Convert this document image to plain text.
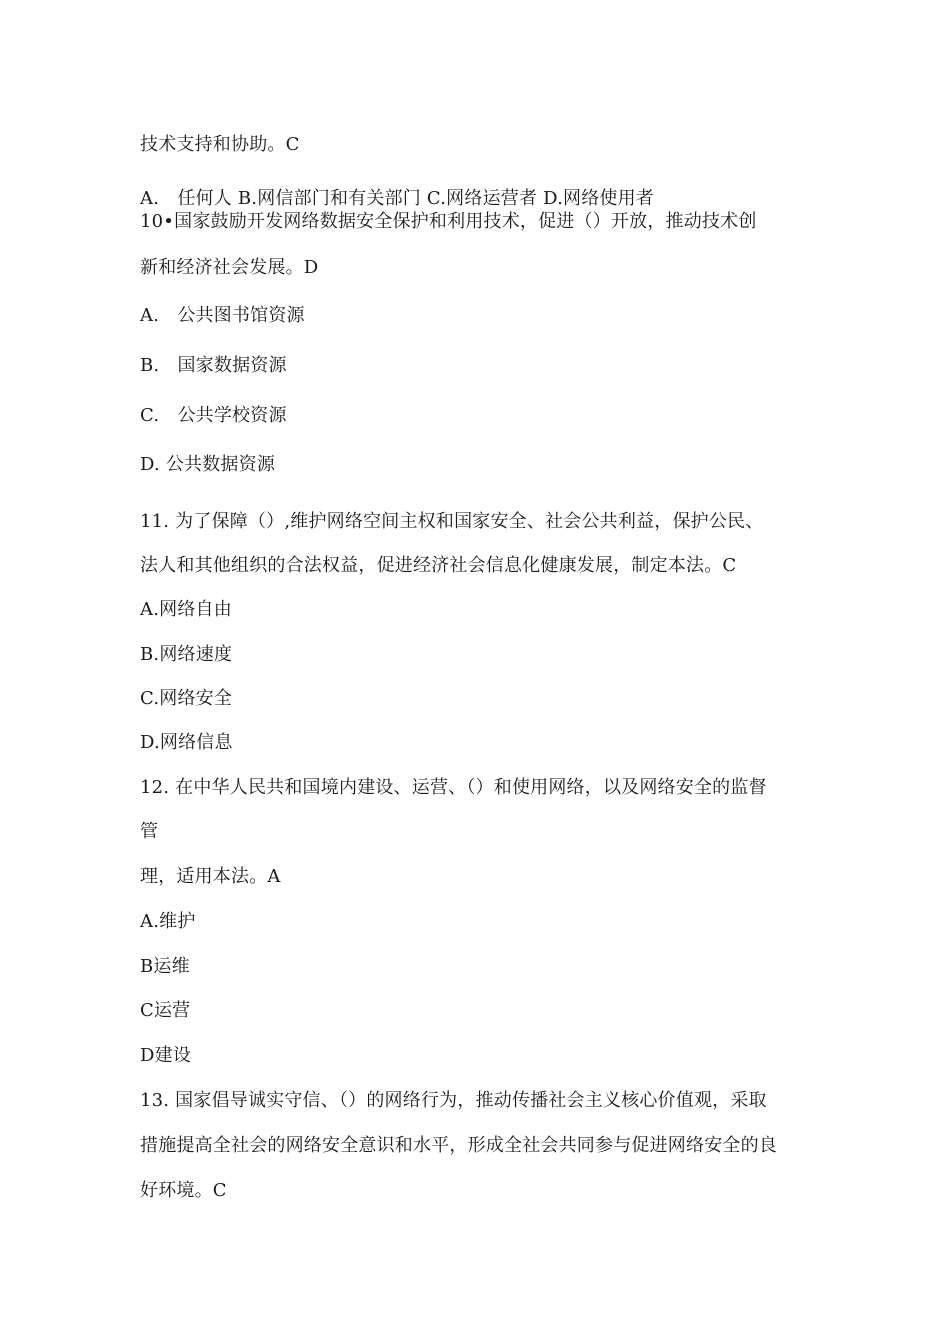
技术支持和协助。C
A.　任何人 B.网信部门和有关部门 C.网络运营者 D.网络使用者
10•国家鼓励开发网络数据安全保护和利用技术，促进（）开放，推动技术创
新和经济社会发展。D
A.　公共图书馆资源
B.　国家数据资源
C.　公共学校资源
D. 公共数据资源
11. 为了保障（）,维护网络空间主权和国家安全、社会公共利益，保护公民、
法人和其他组织的合法权益，促进经济社会信息化健康发展，制定本法。C
A.网络自由
B.网络速度
C.网络安全
D.网络信息
12. 在中华人民共和国境内建设、运营、（）和使用网络，以及网络安全的监督
管
理，适用本法。A
A.维护
B运维
C运营
D建设
13. 国家倡导诚实守信、（）的网络行为，推动传播社会主义核心价值观，采取
措施提高全社会的网络安全意识和水平，形成全社会共同参与促进网络安全的良
好环境。C
